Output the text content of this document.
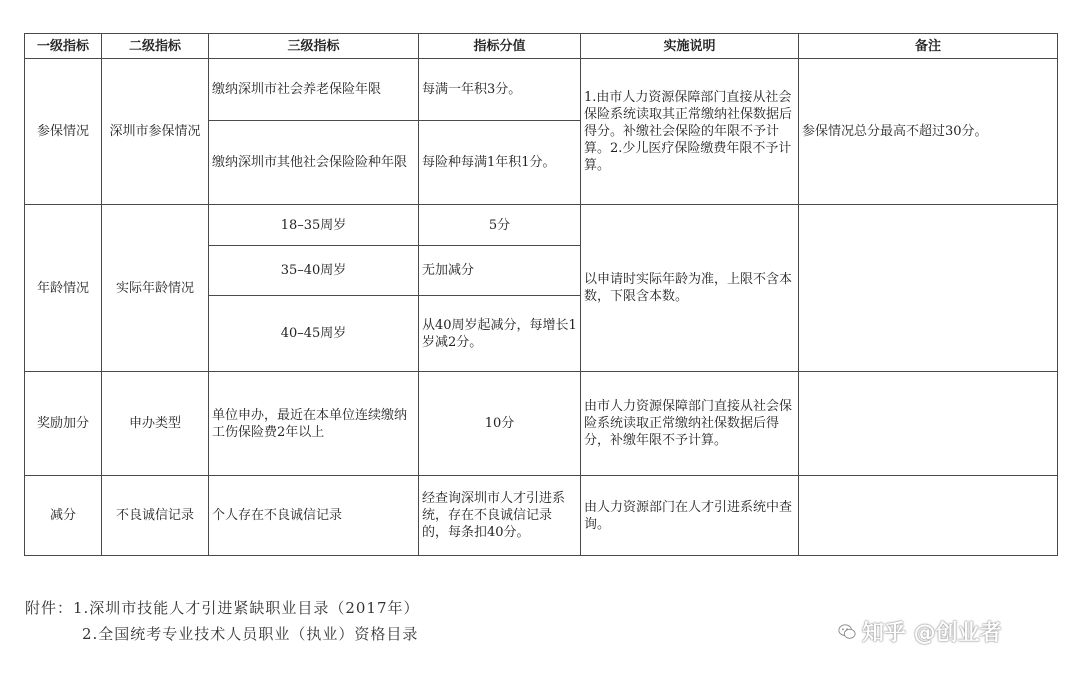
一级指标	二级指标	三级指标	指标分值	实施说明	备注
参保情况	深圳市参保情况	缴纳深圳市社会养老保险年限	每满一年积3分。	1.由市人力资源保障部门直接从社会保险系统读取其正常缴纳社保数据后得分。补缴社会保险的年限不予计算。2.少儿医疗保险缴费年限不予计算。	参保情况总分最高不超过30分。
		缴纳深圳市其他社会保险险种年限	每险种每满1年积1分。		
年龄情况	实际年龄情况	18–35周岁	5分	以申请时实际年龄为准，上限不含本数，下限含本数。	
		35–40周岁	无加减分		
		40–45周岁	从40周岁起减分，每增长1岁减2分。		
奖励加分	申办类型	单位申办，最近在本单位连续缴纳工伤保险费2年以上	10分	由市人力资源保障部门直接从社会保险系统读取正常缴纳社保数据后得分，补缴年限不予计算。	
减分	不良诚信记录	个人存在不良诚信记录	经查询深圳市人才引进系统，存在不良诚信记录的，每条扣40分。	由人力资源部门在人才引进系统中查询。	
附件：1.深圳市技能人才引进紧缺职业目录（2017年）
2.全国统考专业技术人员职业（执业）资格目录	知乎 @创业者
